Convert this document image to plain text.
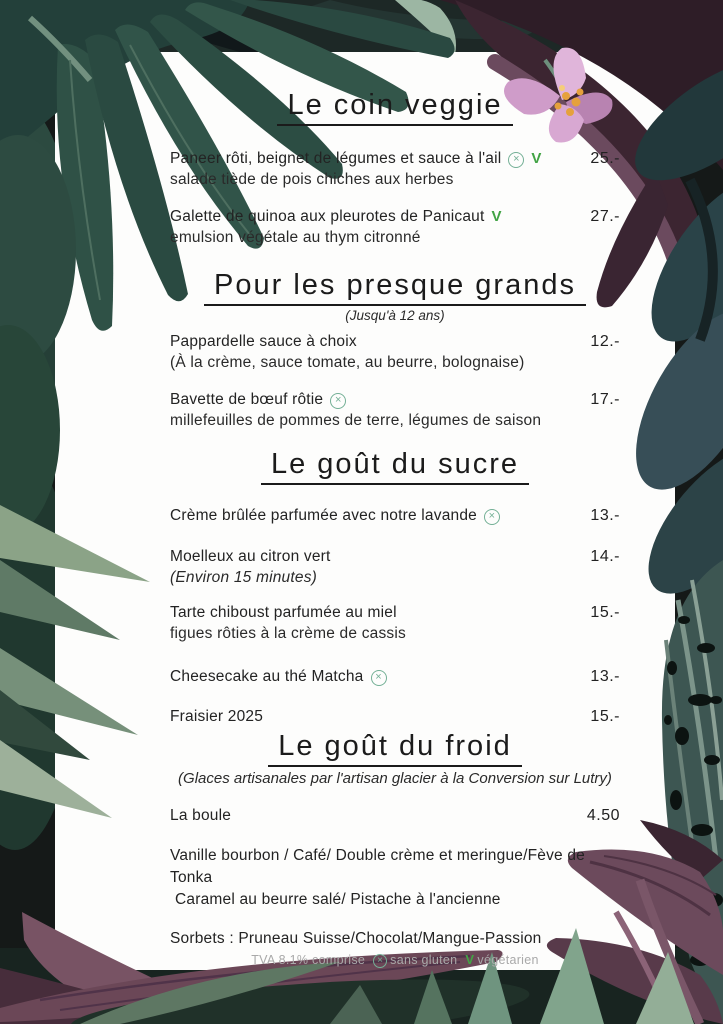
Le coin veggie
Paneer rôti, beignet de légumes et sauce à l'ail × V
salade tiède de pois chiches aux herbes
25.-
Galette de quinoa aux pleurotes de Panicaut V
emulsion végétale au thym citronné
27.-
Pour les presque grands
(Jusqu'à 12 ans)
Pappardelle sauce à choix
(À la crème, sauce tomate, au beurre, bolognaise)
12.-
Bavette de bœuf rôtie ×
millefeuilles de pommes de terre, légumes de saison
17.-
Le goût du sucre
Crème brûlée parfumée avec notre lavande ×	13.-
Moelleux au citron vert
(Environ 15 minutes)
14.-
Tarte chiboust parfumée au miel
figues rôties à la crème de cassis
15.-
Cheesecake au thé Matcha ×	13.-
Fraisier 2025	15.-
Le goût du froid
(Glaces artisanales par l'artisan glacier à la Conversion sur Lutry)
La boule	4.50
Vanille bourbon / Café/ Double crème et meringue/Fève de Tonka
Caramel au beurre salé/ Pistache à l'ancienne
Sorbets : Pruneau Suisse/Chocolat/Mangue-Passion
TVA 8.1% comprise × sans gluten V végétarien
